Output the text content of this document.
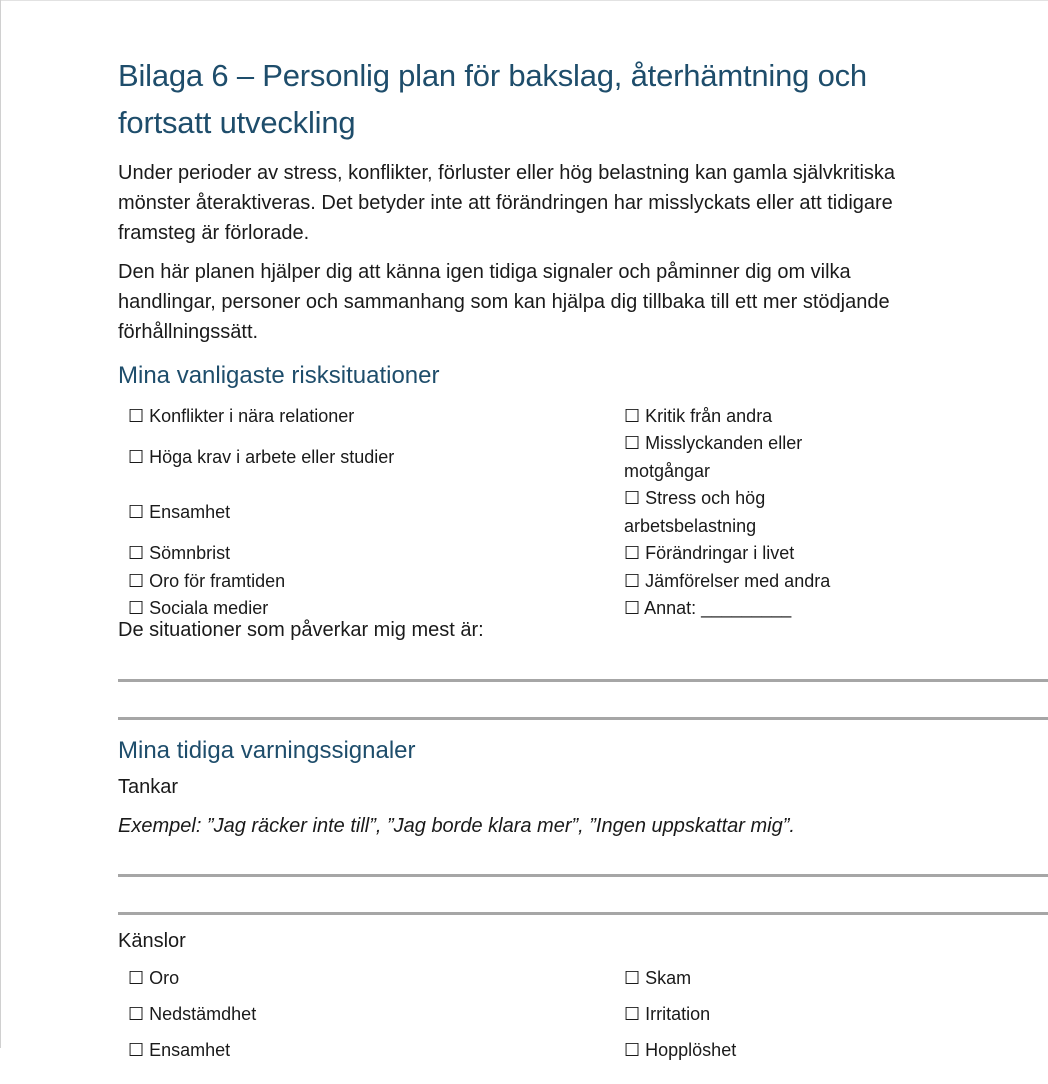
Bilaga 6 – Personlig plan för bakslag, återhämtning och fortsatt utveckling

Under perioder av stress, konflikter, förluster eller hög belastning kan gamla självkritiska mönster återaktiveras. Det betyder inte att förändringen har misslyckats eller att tidigare framsteg är förlorade.

Den här planen hjälper dig att känna igen tidiga signaler och påminner dig om vilka handlingar, personer och sammanhang som kan hjälpa dig tillbaka till ett mer stödjande förhållningssätt.

Mina vanligaste risksituationer
☐ Konflikter i nära relationer
☐ Höga krav i arbete eller studier
☐ Ensamhet
☐ Sömnbrist
☐ Oro för framtiden
☐ Sociala medier
☐ Kritik från andra
☐ Misslyckanden eller motgångar
☐ Stress och hög arbetsbelastning
☐ Förändringar i livet
☐ Jämförelser med andra
☐ Annat: _________
De situationer som påverkar mig mest är:
Mina tidiga varningssignaler
Tankar
Exempel: ”Jag räcker inte till”, ”Jag borde klara mer”, ”Ingen uppskattar mig”.
Känslor
☐ Oro
☐ Nedstämdhet
☐ Ensamhet
☐ Skam
☐ Irritation
☐ Hopplöshet
